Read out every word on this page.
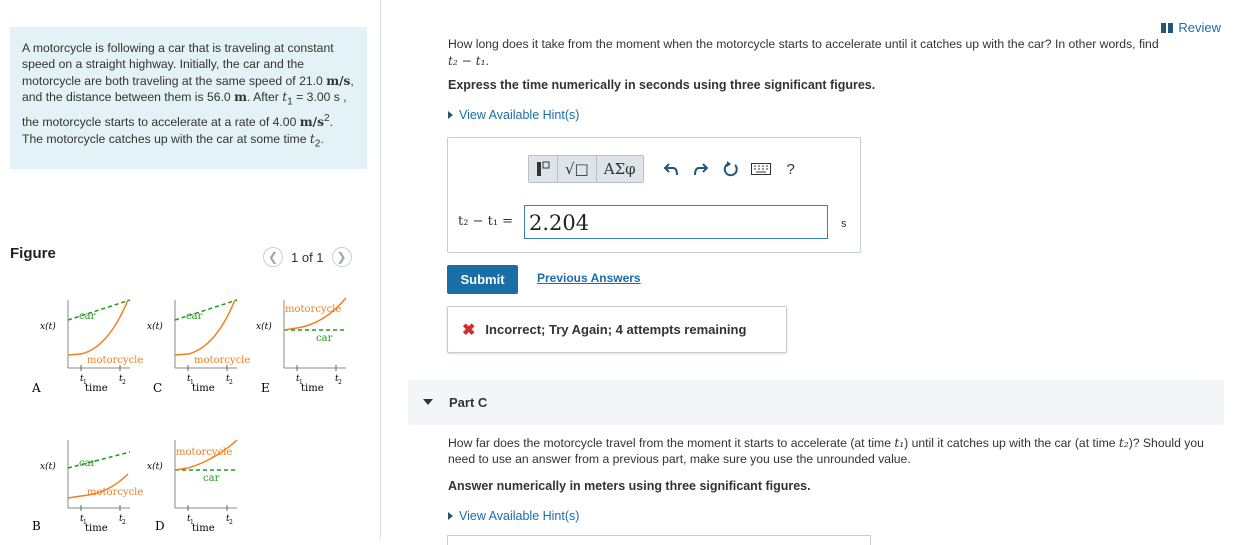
A motorcycle is following a car that is traveling at constant speed on a straight highway. Initially, the car and the motorcycle are both traveling at the same speed of 21.0 m/s, and the distance between them is 56.0 m. After $t_1 = 3.00$ s , the motorcycle starts to accelerate at a rate of 4.00 $m/s^2$. The motorcycle catches up with the car at some time $t_2$.
Figure	❮ 1 of 1	❯
t 1	t 2
time
x(t)
A
car
motorcycle
t 1	t 2
time
x(t)
C
car
motorcycle
t 1	t 2
time
x(t)
E
car
motorcycle
t 1	t 2
time
x(t)
B
car
motorcycle
t 1	t 2
time
x(t)
D
car
motorcycle
Review
How long does it take from the moment when the motorcycle starts to accelerate until it catches up with the car? In other words, find
t₂ − t₁.
Express the time numerically in seconds using three significant figures.
View Available Hint(s)
√□	ΑΣφ	?
t₂ − t₁ = 2.204	s
Submit	Previous Answers
✖ Incorrect; Try Again; 4 attempts remaining
Part C
How far does the motorcycle travel from the moment it starts to accelerate (at time t₁) until it catches up with the car (at time t₂)? Should you need to use an answer from a previous part, make sure you use the unrounded value.
Answer numerically in meters using three significant figures.
View Available Hint(s)
